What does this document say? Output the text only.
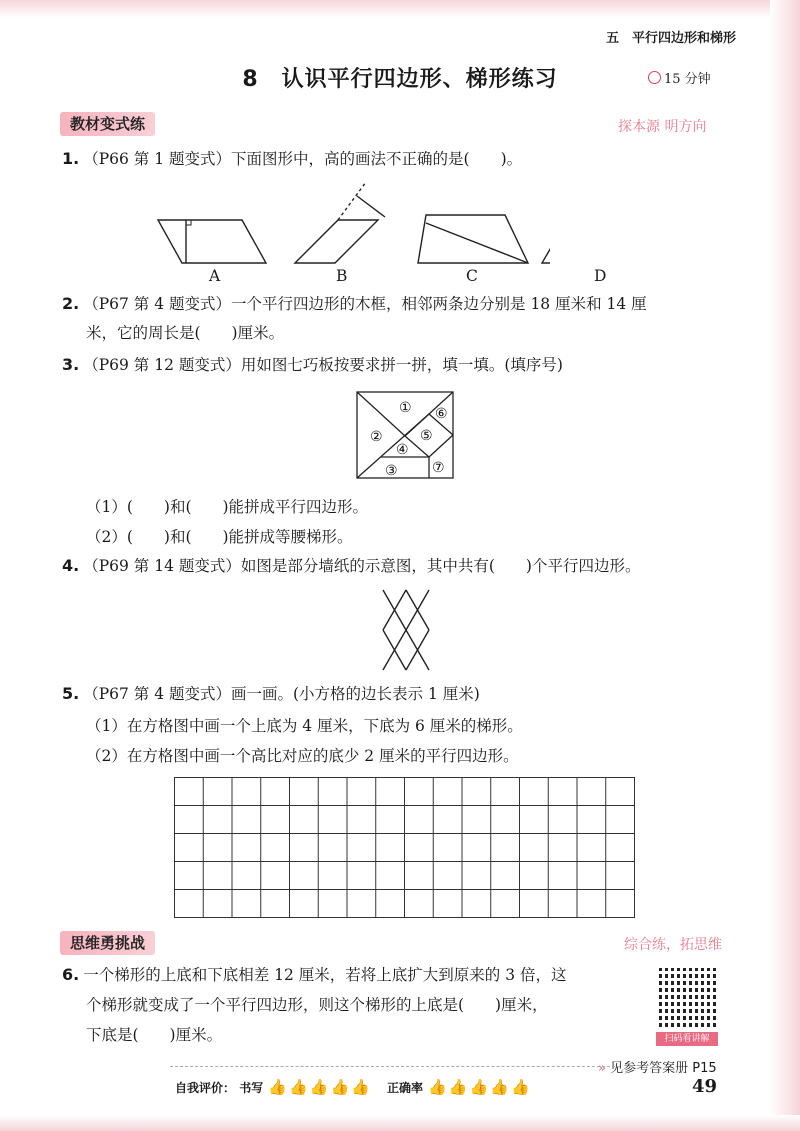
五　平行四边形和梯形
8　认识平行四边形、梯形练习	15 分钟
教材变式练	探本源 明方向
1. （P66 第 1 题变式）下面图形中，高的画法不正确的是(　　)。
A	B	C	D
2. （P67 第 4 题变式）一个平行四边形的木框，相邻两条边分别是 18 厘米和 14 厘
米，它的周长是(　　)厘米。
3. （P69 第 12 题变式）用如图七巧板按要求拼一拼，填一填。(填序号)
①
②
③
④
⑤
⑥
⑦
（1）(　　)和(　　)能拼成平行四边形。
（2）(　　)和(　　)能拼成等腰梯形。
4. （P69 第 14 题变式）如图是部分墙纸的示意图，其中共有(　　)个平行四边形。
5. （P67 第 4 题变式）画一画。(小方格的边长表示 1 厘米)
（1）在方格图中画一个上底为 4 厘米，下底为 6 厘米的梯形。
（2）在方格图中画一个高比对应的底少 2 厘米的平行四边形。
思维勇挑战	综合练，拓思维
6. 一个梯形的上底和下底相差 12 厘米，若将上底扩大到原来的 3 倍，这
个梯形就变成了一个平行四边形，则这个梯形的上底是(　　)厘米，
下底是(　　)厘米。	扫码看讲解
» 见参考答案册 P15
自我评价： 书写 👍 👍 👍 👍 👍 正确率 👍 👍 👍 👍 👍	49
